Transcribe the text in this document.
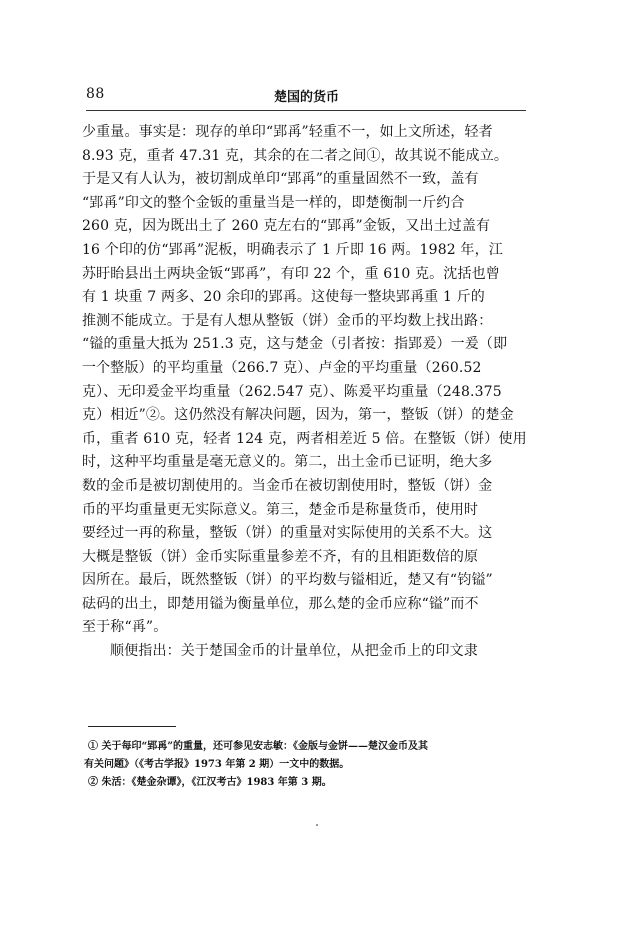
88	楚国的货币
少重量。事实是：现存的单印“郢爯”轻重不一，如上文所述，轻者
8.93 克，重者 47.31 克，其余的在二者之间①，故其说不能成立。
于是又有人认为，被切割成单印“郢爯”的重量固然不一致，盖有
“郢爯”印文的整个金钣的重量当是一样的，即楚衡制一斤约合
260 克，因为既出土了 260 克左右的“郢爯”金钣，又出土过盖有
16 个印的仿“郢爯”泥板，明确表示了 1 斤即 16 两。1982 年，江
苏盱眙县出土两块金钣“郢爯”，有印 22 个，重 610 克。沈括也曾
有 1 块重 7 两多、20 余印的郢爯。这使每一整块郢爯重 1 斤的
推测不能成立。于是有人想从整钣（饼）金币的平均数上找出路：
“镒的重量大抵为 251.3 克，这与楚金（引者按：指郢爰）一爰（即
一个整版）的平均重量（266.7 克）、卢金的平均重量（260.52
克）、无印爰金平均重量（262.547 克）、陈爰平均重量（248.375
克）相近”②。这仍然没有解决问题，因为，第一，整钣（饼）的楚金
币，重者 610 克，轻者 124 克，两者相差近 5 倍。在整钣（饼）使用
时，这种平均重量是毫无意义的。第二，出土金币已证明，绝大多
数的金币是被切割使用的。当金币在被切割使用时，整钣（饼）金
币的平均重量更无实际意义。第三，楚金币是称量货币，使用时
要经过一再的称量，整钣（饼）的重量对实际使用的关系不大。这
大概是整钣（饼）金币实际重量参差不齐，有的且相距数倍的原
因所在。最后，既然整钣（饼）的平均数与镒相近，楚又有“钧镒”
砝码的出土，即楚用镒为衡量单位，那么楚的金币应称“镒”而不
至于称“爯”。
顺便指出：关于楚国金币的计量单位，从把金币上的印文隶
① 关于每印“郢爯”的重量，还可参见安志敏：《金版与金饼——楚汉金币及其
有关问题》（《考古学报》1973 年第 2 期）一文中的数据。
② 朱活：《楚金杂谭》，《江汉考古》1983 年第 3 期。
